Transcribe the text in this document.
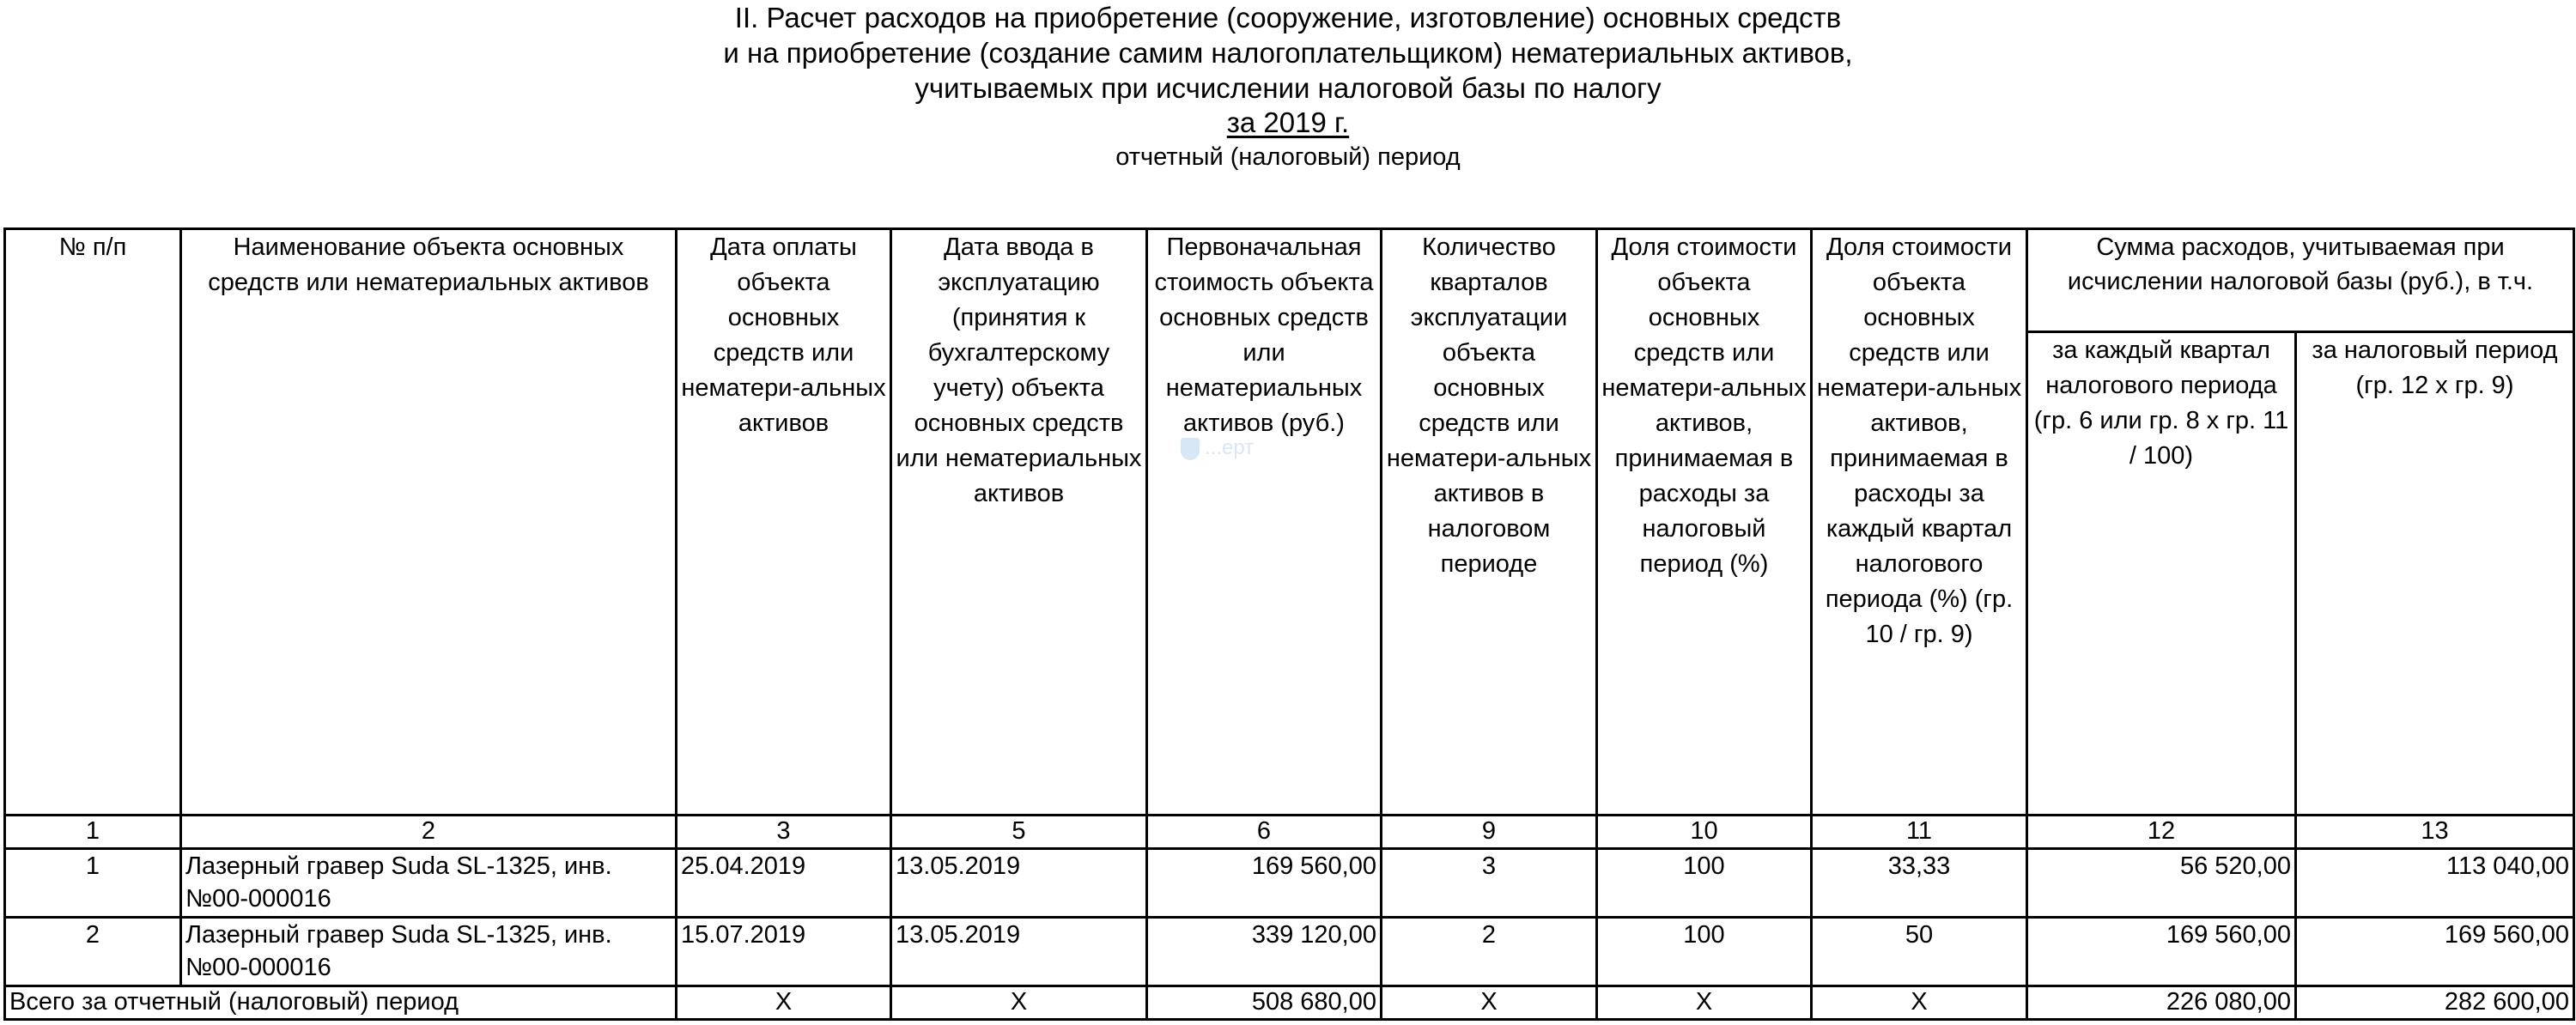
II. Расчет расходов на приобретение (сооружение, изготовление) основных средств
и на приобретение (создание самим налогоплательщиком) нематериальных активов,
учитываемых при исчислении налоговой базы по налогу
за 2019 г.
отчетный (налоговый) период
...ерт
№ п/п	Наименование объекта основных средств или нематериальных активов	Дата оплаты объекта основных средств или нематери-альных активов	Дата ввода в эксплуатацию (принятия к бухгалтерскому учету) объекта основных средств или нематериальных активов	Первоначальная стоимость объекта основных средств или нематериальных активов (руб.)	Количество кварталов эксплуатации объекта основных средств или нематери-альных активов в налоговом периоде	Доля стоимости объекта основных средств или нематери-альных активов, принимаемая в расходы за налоговый период (%)	Доля стоимости объекта основных средств или нематери-альных активов, принимаемая в расходы за каждый квартал налогового периода (%) (гр. 10 / гр. 9)	Сумма расходов, учитываемая при исчислении налоговой базы (руб.), в т.ч.	
								за каждый квартал налогового периода (гр. 6 или гр. 8 х гр. 11 / 100)	за налоговый период (гр. 12 х гр. 9)
1	2	3	5	6	9	10	11	12	13
1	Лазерный гравер Suda SL-1325, инв.№00-000016	25.04.2019	13.05.2019	169 560,00	3	100	33,33	56 520,00	113 040,00
2	Лазерный гравер Suda SL-1325, инв.№00-000016	15.07.2019	13.05.2019	339 120,00	2	100	50	169 560,00	169 560,00
Всего за отчетный (налоговый) период		Х	Х	508 680,00	Х	Х	Х	226 080,00	282 600,00
